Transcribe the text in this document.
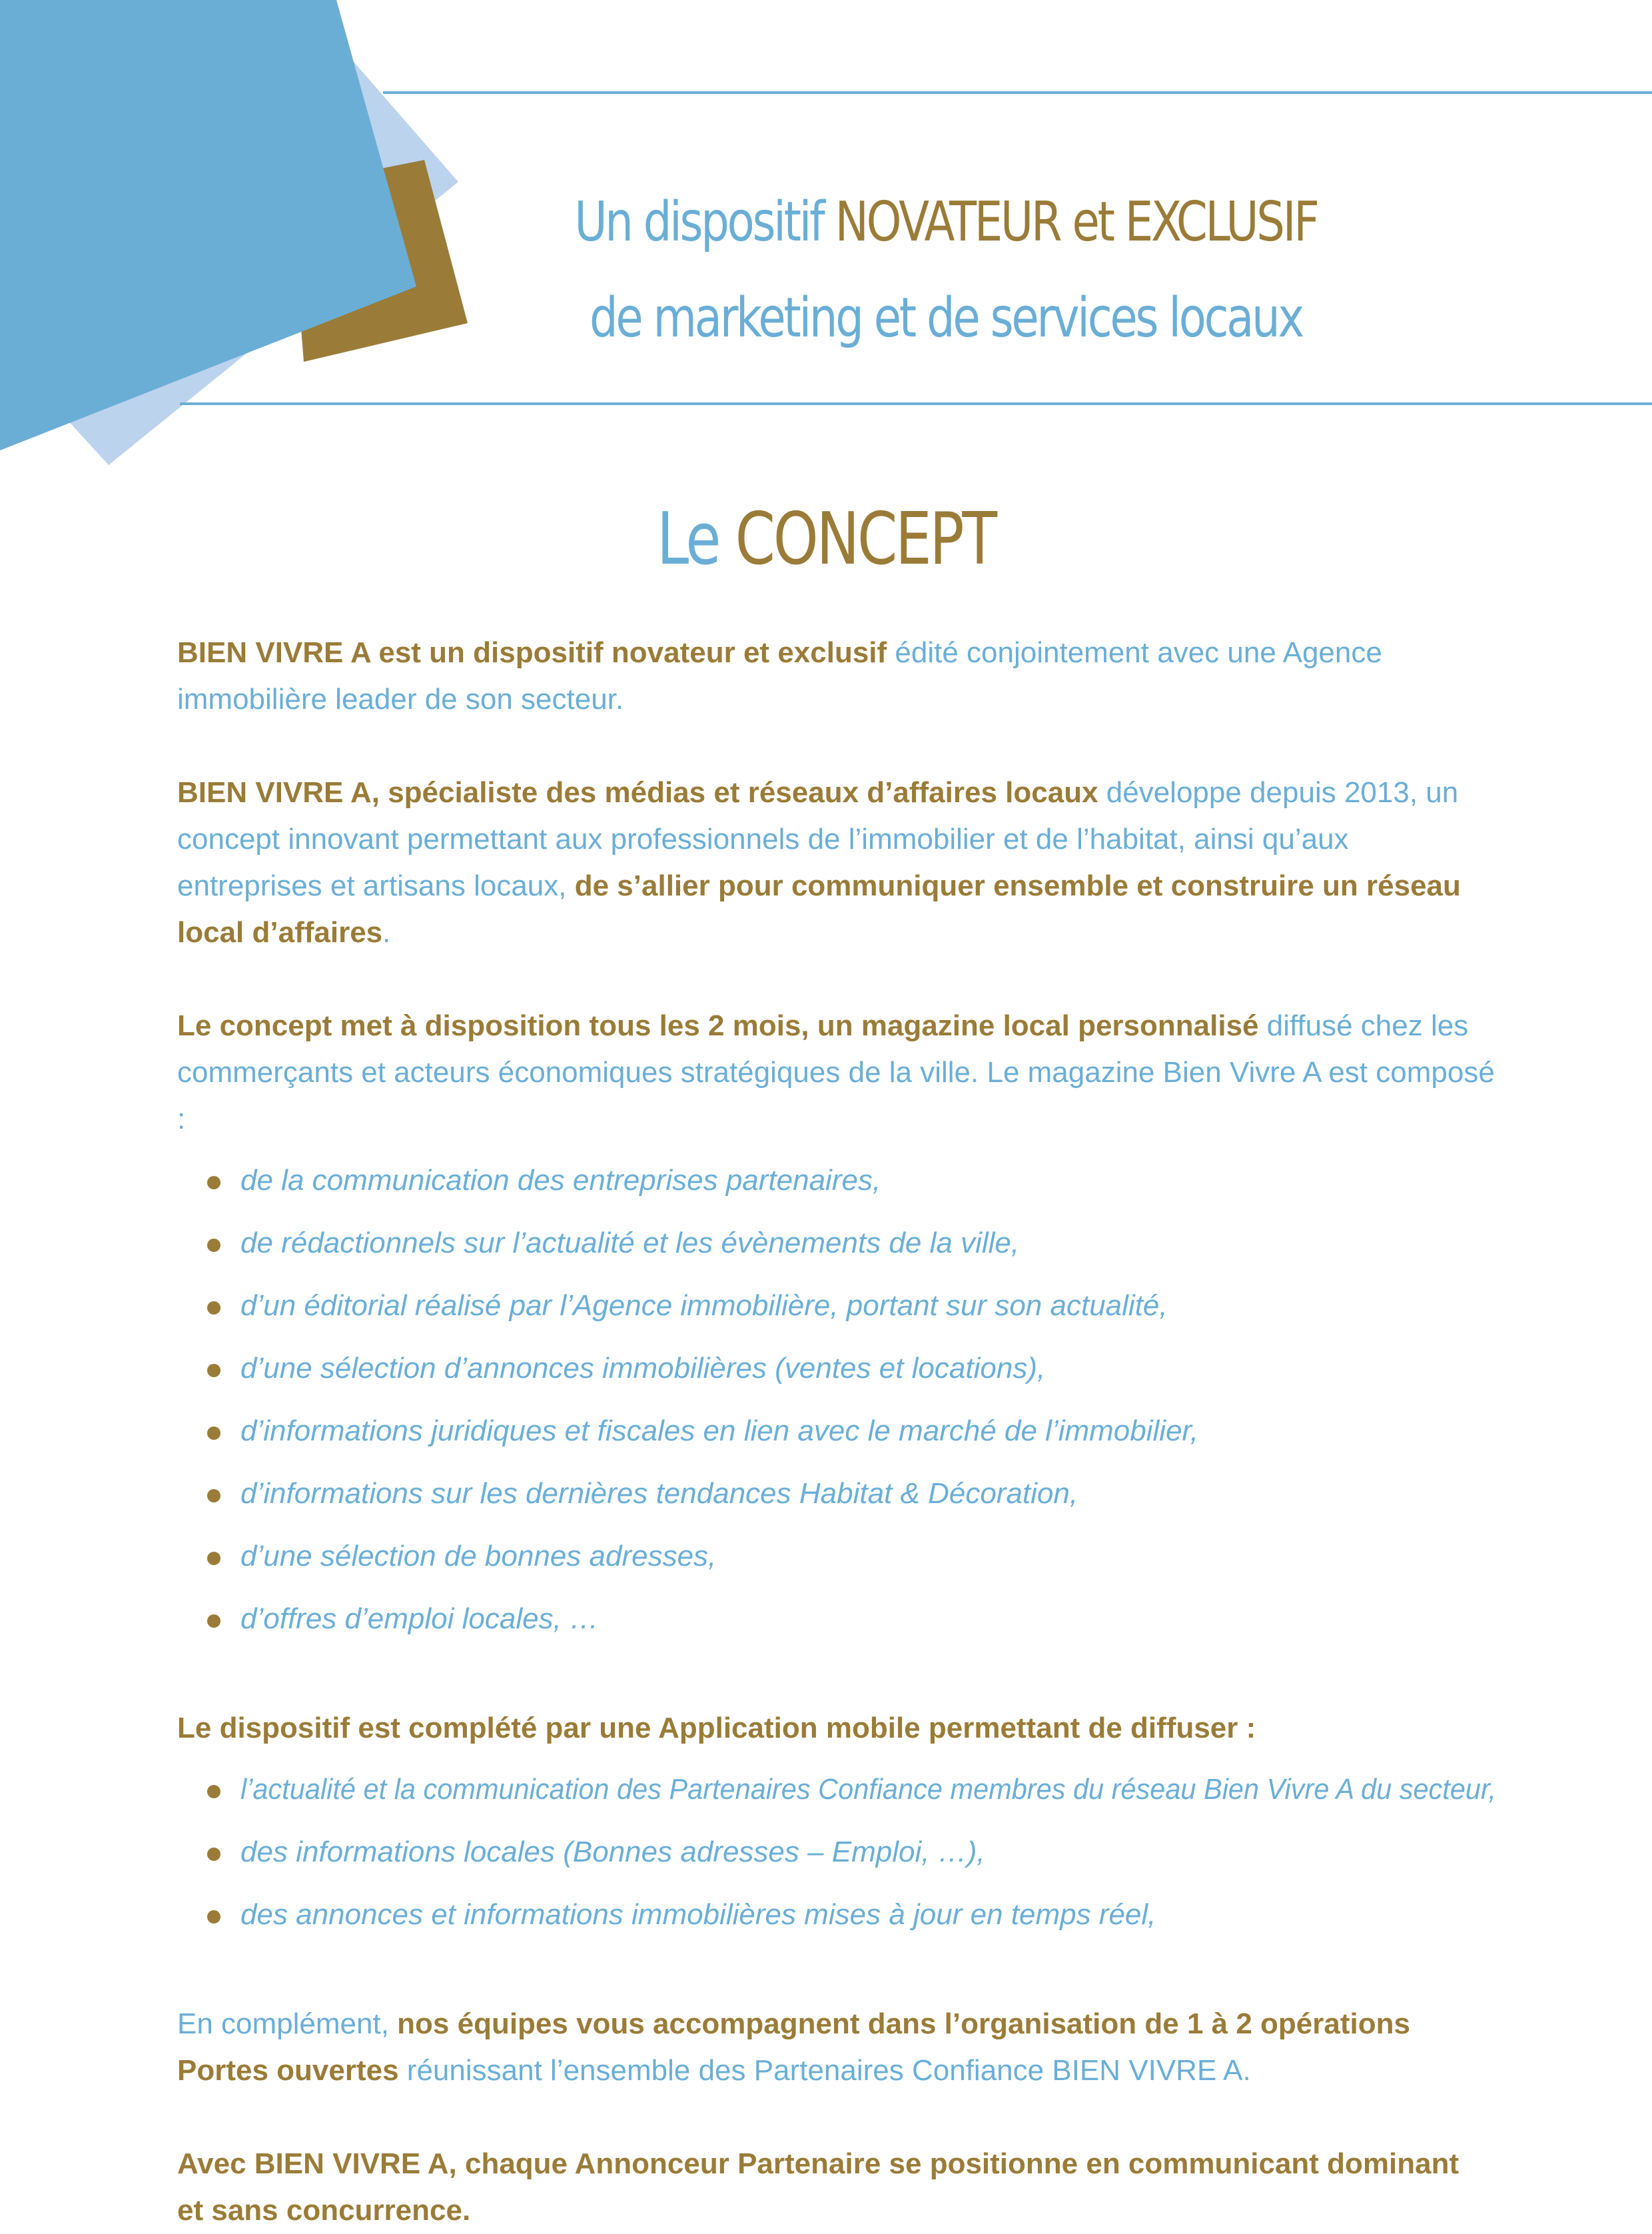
Un dispositif NOVATEUR et EXCLUSIF
de marketing et de services locaux
Le CONCEPT

BIEN VIVRE A est un dispositif novateur et exclusif édité conjointement avec une Agence immobilière leader de son secteur.

BIEN VIVRE A, spécialiste des médias et réseaux d’affaires locaux développe depuis 2013, un concept innovant permettant aux professionnels de l’immobilier et de l’habitat, ainsi qu’aux entreprises et artisans locaux, de s’allier pour communiquer ensemble et construire un réseau local d’affaires.

Le concept met à disposition tous les 2 mois, un magazine local personnalisé diffusé chez les commerçants et acteurs économiques stratégiques de la ville. Le magazine Bien Vivre A est composé :

de la communication des entreprises partenaires,
de rédactionnels sur l’actualité et les évènements de la ville,
d’un éditorial réalisé par l’Agence immobilière, portant sur son actualité,
d’une sélection d’annonces immobilières (ventes et locations),
d’informations juridiques et fiscales en lien avec le marché de l’immobilier,
d’informations sur les dernières tendances Habitat & Décoration,
d’une sélection de bonnes adresses,
d’offres d’emploi locales, …

Le dispositif est complété par une Application mobile permettant de diffuser :

l’actualité et la communication des Partenaires Confiance membres du réseau Bien Vivre A du secteur,
des informations locales (Bonnes adresses – Emploi, …),
des annonces et informations immobilières mises à jour en temps réel,

En complément, nos équipes vous accompagnent dans l’organisation de 1 à 2 opérations Portes ouvertes réunissant l’ensemble des Partenaires Confiance BIEN VIVRE A.

Avec BIEN VIVRE A, chaque Annonceur Partenaire se positionne en communicant dominant
et sans concurrence.
